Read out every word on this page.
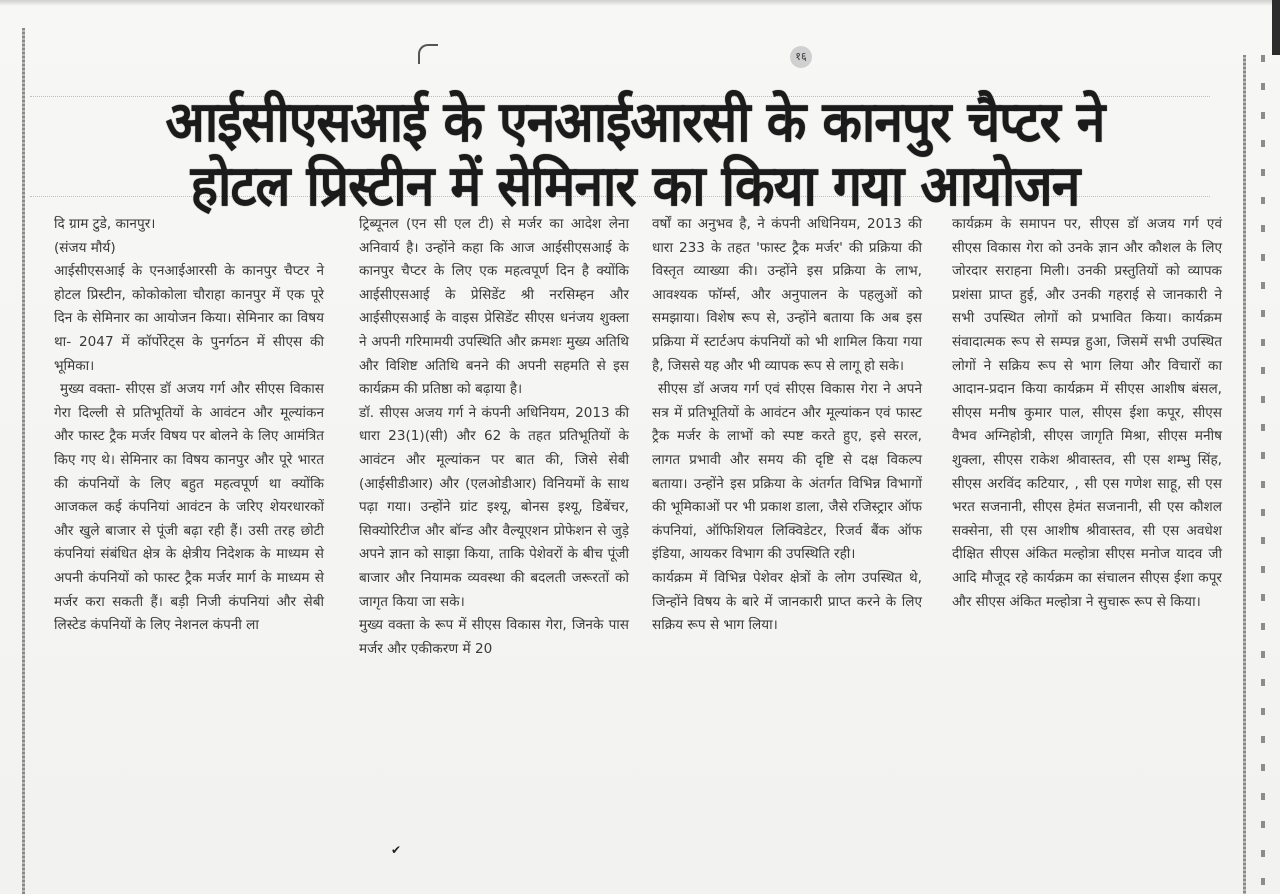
१६
आईसीएसआई के एनआईआरसी के कानपुर चैप्टर ने
होटल प्रिस्टीन में सेमिनार का किया गया आयोजन

दि ग्राम टुडे, कानपुर।

(संजय मौर्य)

आईसीएसआई के एनआईआरसी के कानपुर चैप्टर ने होटल प्रिस्टीन, कोकोकोला चौराहा कानपुर में एक पूरे दिन के सेमिनार का आयोजन किया। सेमिनार का विषय था- 2047 में कॉर्पोरेट्स के पुनर्गठन में सीएस की भूमिका।

मुख्य वक्ता- सीएस डॉ अजय गर्ग और सीएस विकास गेरा दिल्ली से प्रतिभूतियों के आवंटन और मूल्यांकन और फास्ट ट्रैक मर्जर विषय पर बोलने के लिए आमंत्रित किए गए थे। सेमिनार का विषय कानपुर और पूरे भारत की कंपनियों के लिए बहुत महत्वपूर्ण था क्योंकि आजकल कई कंपनियां आवंटन के जरिए शेयरधारकों और खुले बाजार से पूंजी बढ़ा रही हैं। उसी तरह छोटी कंपनियां संबंधित क्षेत्र के क्षेत्रीय निदेशक के माध्यम से अपनी कंपनियों को फास्ट ट्रैक मर्जर मार्ग के माध्यम से मर्जर करा सकती हैं। बड़ी निजी कंपनियां और सेबी लिस्टेड कंपनियों के लिए नेशनल कंपनी ला

ट्रिब्यूनल (एन सी एल टी) से मर्जर का आदेश लेना अनिवार्य है। उन्होंने कहा कि आज आईसीएसआई के कानपुर चैप्टर के लिए एक महत्वपूर्ण दिन है क्योंकि आईसीएसआई के प्रेसिडेंट श्री नरसिम्हन और आईसीएसआई के वाइस प्रेसिडेंट सीएस धनंजय शुक्ला ने अपनी गरिमामयी उपस्थिति और क्रमशः मुख्य अतिथि और विशिष्ट अतिथि बनने की अपनी सहमति से इस कार्यक्रम की प्रतिष्ठा को बढ़ाया है।

डॉ. सीएस अजय गर्ग ने कंपनी अधिनियम, 2013 की धारा 23(1)(सी) और 62 के तहत प्रतिभूतियों के आवंटन और मूल्यांकन पर बात की, जिसे सेबी (आईसीडीआर) और (एलओडीआर) विनियमों के साथ पढ़ा गया। उन्होंने ग्रांट इश्यू, बोनस इश्यू, डिबेंचर, सिक्योरिटीज और बॉन्ड और वैल्यूएशन प्रोफेशन से जुड़े अपने ज्ञान को साझा किया, ताकि पेशेवरों के बीच पूंजी बाजार और नियामक व्यवस्था की बदलती जरूरतों को जागृत किया जा सके।

मुख्य वक्ता के रूप में सीएस विकास गेरा, जिनके पास मर्जर और एकीकरण में 20

वर्षों का अनुभव है, ने कंपनी अधिनियम, 2013 की धारा 233 के तहत 'फास्ट ट्रैक मर्जर' की प्रक्रिया की विस्तृत व्याख्या की। उन्होंने इस प्रक्रिया के लाभ, आवश्यक फॉर्म्स, और अनुपालन के पहलुओं को समझाया। विशेष रूप से, उन्होंने बताया कि अब इस प्रक्रिया में स्टार्टअप कंपनियों को भी शामिल किया गया है, जिससे यह और भी व्यापक रूप से लागू हो सके।

सीएस डॉ अजय गर्ग एवं सीएस विकास गेरा ने अपने सत्र में प्रतिभूतियों के आवंटन और मूल्यांकन एवं फास्ट ट्रैक मर्जर के लाभों को स्पष्ट करते हुए, इसे सरल, लागत प्रभावी और समय की दृष्टि से दक्ष विकल्प बताया। उन्होंने इस प्रक्रिया के अंतर्गत विभिन्न विभागों की भूमिकाओं पर भी प्रकाश डाला, जैसे रजिस्ट्रार ऑफ कंपनियां, ऑफिशियल लिक्विडेटर, रिजर्व बैंक ऑफ इंडिया, आयकर विभाग की उपस्थिति रही।

कार्यक्रम में विभिन्न पेशेवर क्षेत्रों के लोग उपस्थित थे, जिन्होंने विषय के बारे में जानकारी प्राप्त करने के लिए सक्रिय रूप से भाग लिया।

कार्यक्रम के समापन पर, सीएस डॉ अजय गर्ग एवं सीएस विकास गेरा को उनके ज्ञान और कौशल के लिए जोरदार सराहना मिली। उनकी प्रस्तुतियों को व्यापक प्रशंसा प्राप्त हुई, और उनकी गहराई से जानकारी ने सभी उपस्थित लोगों को प्रभावित किया। कार्यक्रम संवादात्मक रूप से सम्पन्न हुआ, जिसमें सभी उपस्थित लोगों ने सक्रिय रूप से भाग लिया और विचारों का आदान-प्रदान किया कार्यक्रम में सीएस आशीष बंसल, सीएस मनीष कुमार पाल, सीएस ईशा कपूर, सीएस वैभव अग्निहोत्री, सीएस जागृति मिश्रा, सीएस मनीष शुक्ला, सीएस राकेश श्रीवास्तव, सी एस शम्भु सिंह, सीएस अरविंद कटियार, , सी एस गणेश साहू, सी एस भरत सजनानी, सीएस हेमंत सजनानी, सी एस कौशल सक्सेना, सी एस आशीष श्रीवास्तव, सी एस अवधेश दीक्षित सीएस अंकित मल्होत्रा सीएस मनोज यादव जी आदि मौजूद रहे कार्यक्रम का संचालन सीएस ईशा कपूर और सीएस अंकित मल्होत्रा ने सुचारू रूप से किया।

✔
